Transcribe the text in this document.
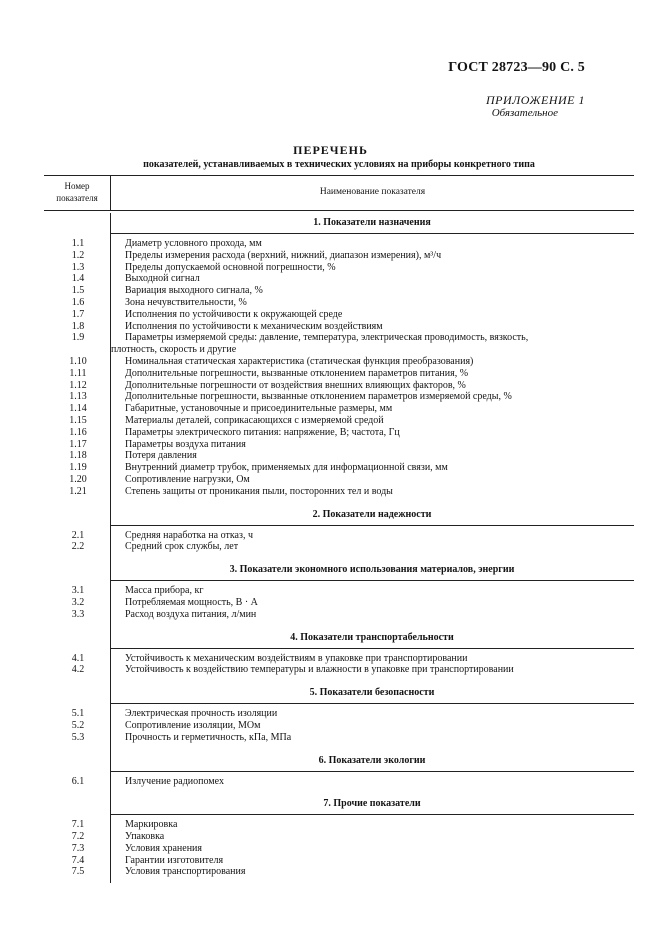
ГОСТ 28723—90 С. 5
ПРИЛОЖЕНИЕ 1
Обязательное
ПЕРЕЧЕНЬ
показателей, устанавливаемых в технических условиях на приборы конкретного типа
Номер
показателя
Наименование показателя
1. Показатели назначения
1.1	Диаметр условного прохода, мм
1.2	Пределы измерения расхода (верхний, нижний, диапазон измерения), м³/ч
1.3	Пределы допускаемой основной погрешности, %
1.4	Выходной сигнал
1.5	Вариация выходного сигнала, %
1.6	Зона нечувствительности, %
1.7	Исполнения по устойчивости к окружающей среде
1.8	Исполнения по устойчивости к механическим воздействиям
1.9	Параметры измеряемой среды: давление, температура, электрическая проводимость, вязкость,
плотность, скорость и другие
1.10	Номинальная статическая характеристика (статическая функция преобразования)
1.11	Дополнительные погрешности, вызванные отклонением параметров питания, %
1.12	Дополнительные погрешности от воздействия внешних влияющих факторов, %
1.13	Дополнительные погрешности, вызванные отклонением параметров измеряемой среды, %
1.14	Габаритные, установочные и присоединительные размеры, мм
1.15	Материалы деталей, соприкасающихся с измеряемой средой
1.16	Параметры электрического питания: напряжение, В; частота, Гц
1.17	Параметры воздуха питания
1.18	Потеря давления
1.19	Внутренний диаметр трубок, применяемых для информационной связи, мм
1.20	Сопротивление нагрузки, Ом
1.21	Степень защиты от проникания пыли, посторонних тел и воды
2. Показатели надежности
2.1	Средняя наработка на отказ, ч
2.2	Средний срок службы, лет
3. Показатели экономного использования материалов, энергии
3.1	Масса прибора, кг
3.2	Потребляемая мощность, В · А
3.3	Расход воздуха питания, л/мин
4. Показатели транспортабельности
4.1	Устойчивость к механическим воздействиям в упаковке при транспортировании
4.2	Устойчивость к воздействию температуры и влажности в упаковке при транспортировании
5. Показатели безопасности
5.1	Электрическая прочность изоляции
5.2	Сопротивление изоляции, МОм
5.3	Прочность и герметичность, кПа, МПа
6. Показатели экологии
6.1	Излучение радиопомех
7. Прочие показатели
7.1	Маркировка
7.2	Упаковка
7.3	Условия хранения
7.4	Гарантии изготовителя
7.5	Условия транспортирования
